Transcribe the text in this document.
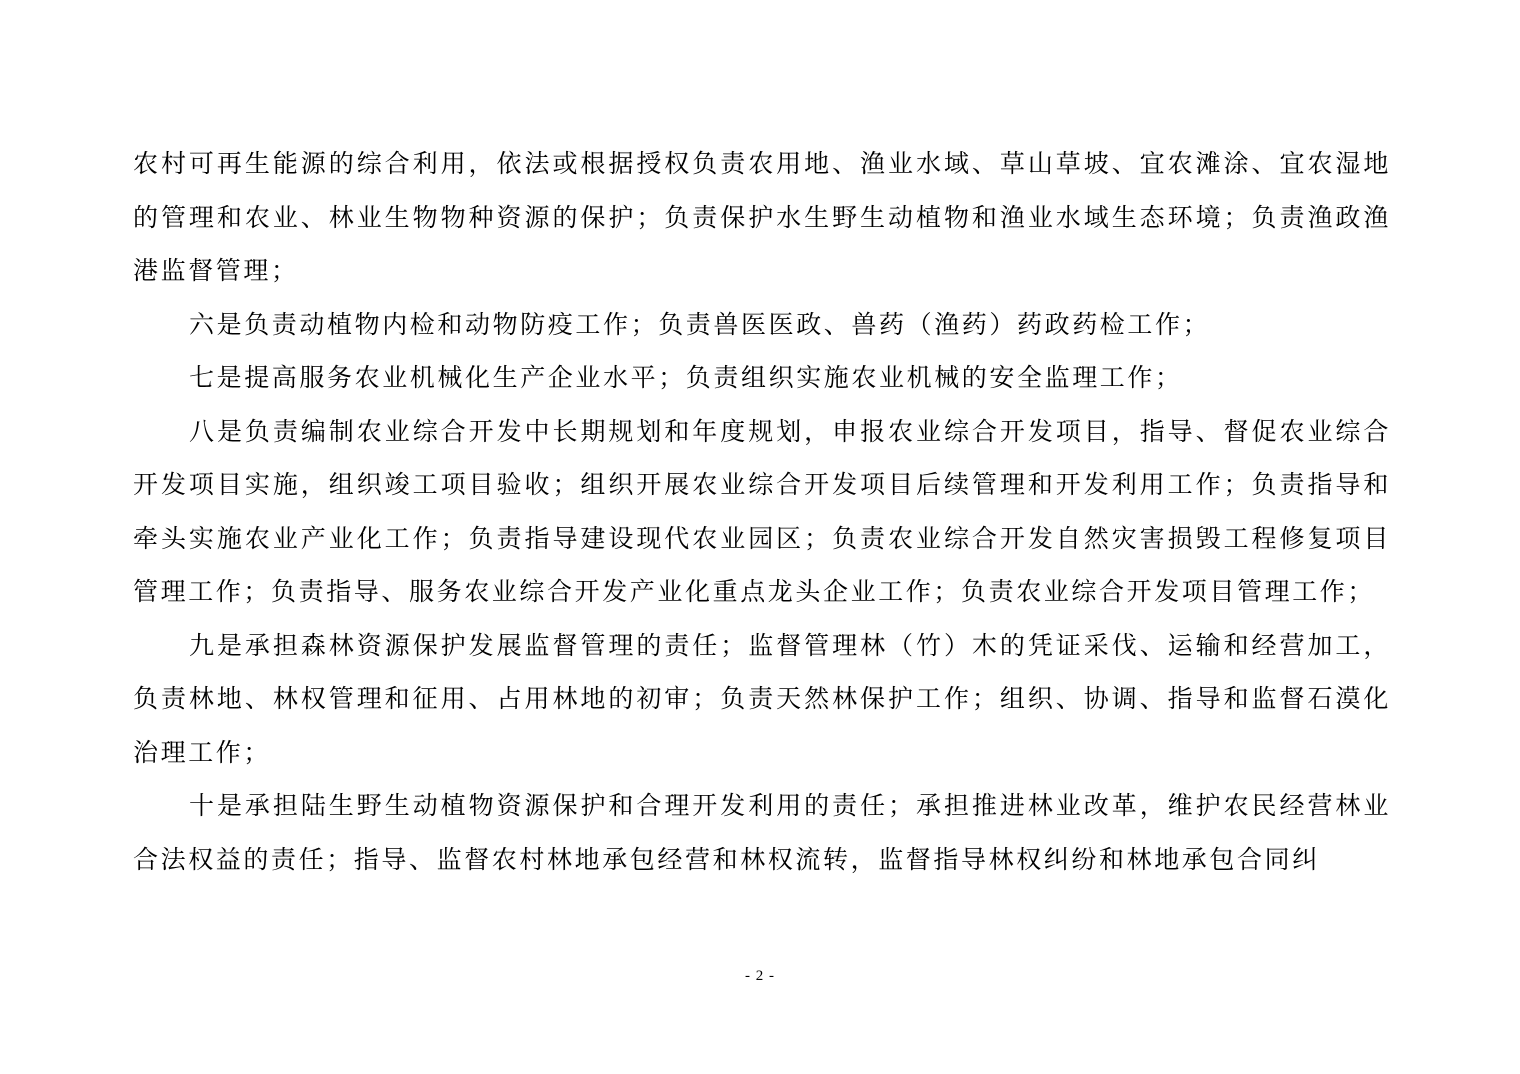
农村可再生能源的综合利用，依法或根据授权负责农用地、渔业水域、草山草坡、宜农滩涂、宜农湿地的管理和农业、林业生物物种资源的保护；负责保护水生野生动植物和渔业水域生态环境；负责渔政渔港监督管理；

六是负责动植物内检和动物防疫工作；负责兽医医政、兽药（渔药）药政药检工作；

七是提高服务农业机械化生产企业水平；负责组织实施农业机械的安全监理工作；

八是负责编制农业综合开发中长期规划和年度规划，申报农业综合开发项目，指导、督促农业综合开发项目实施，组织竣工项目验收；组织开展农业综合开发项目后续管理和开发利用工作；负责指导和牵头实施农业产业化工作；负责指导建设现代农业园区；负责农业综合开发自然灾害损毁工程修复项目管理工作；负责指导、服务农业综合开发产业化重点龙头企业工作；负责农业综合开发项目管理工作；

九是承担森林资源保护发展监督管理的责任；监督管理林（竹）木的凭证采伐、运输和经营加工，负责林地、林权管理和征用、占用林地的初审；负责天然林保护工作；组织、协调、指导和监督石漠化治理工作；

十是承担陆生野生动植物资源保护和合理开发利用的责任；承担推进林业改革，维护农民经营林业合法权益的责任；指导、监督农村林地承包经营和林权流转，监督指导林权纠纷和林地承包合同纠

- 2 -
